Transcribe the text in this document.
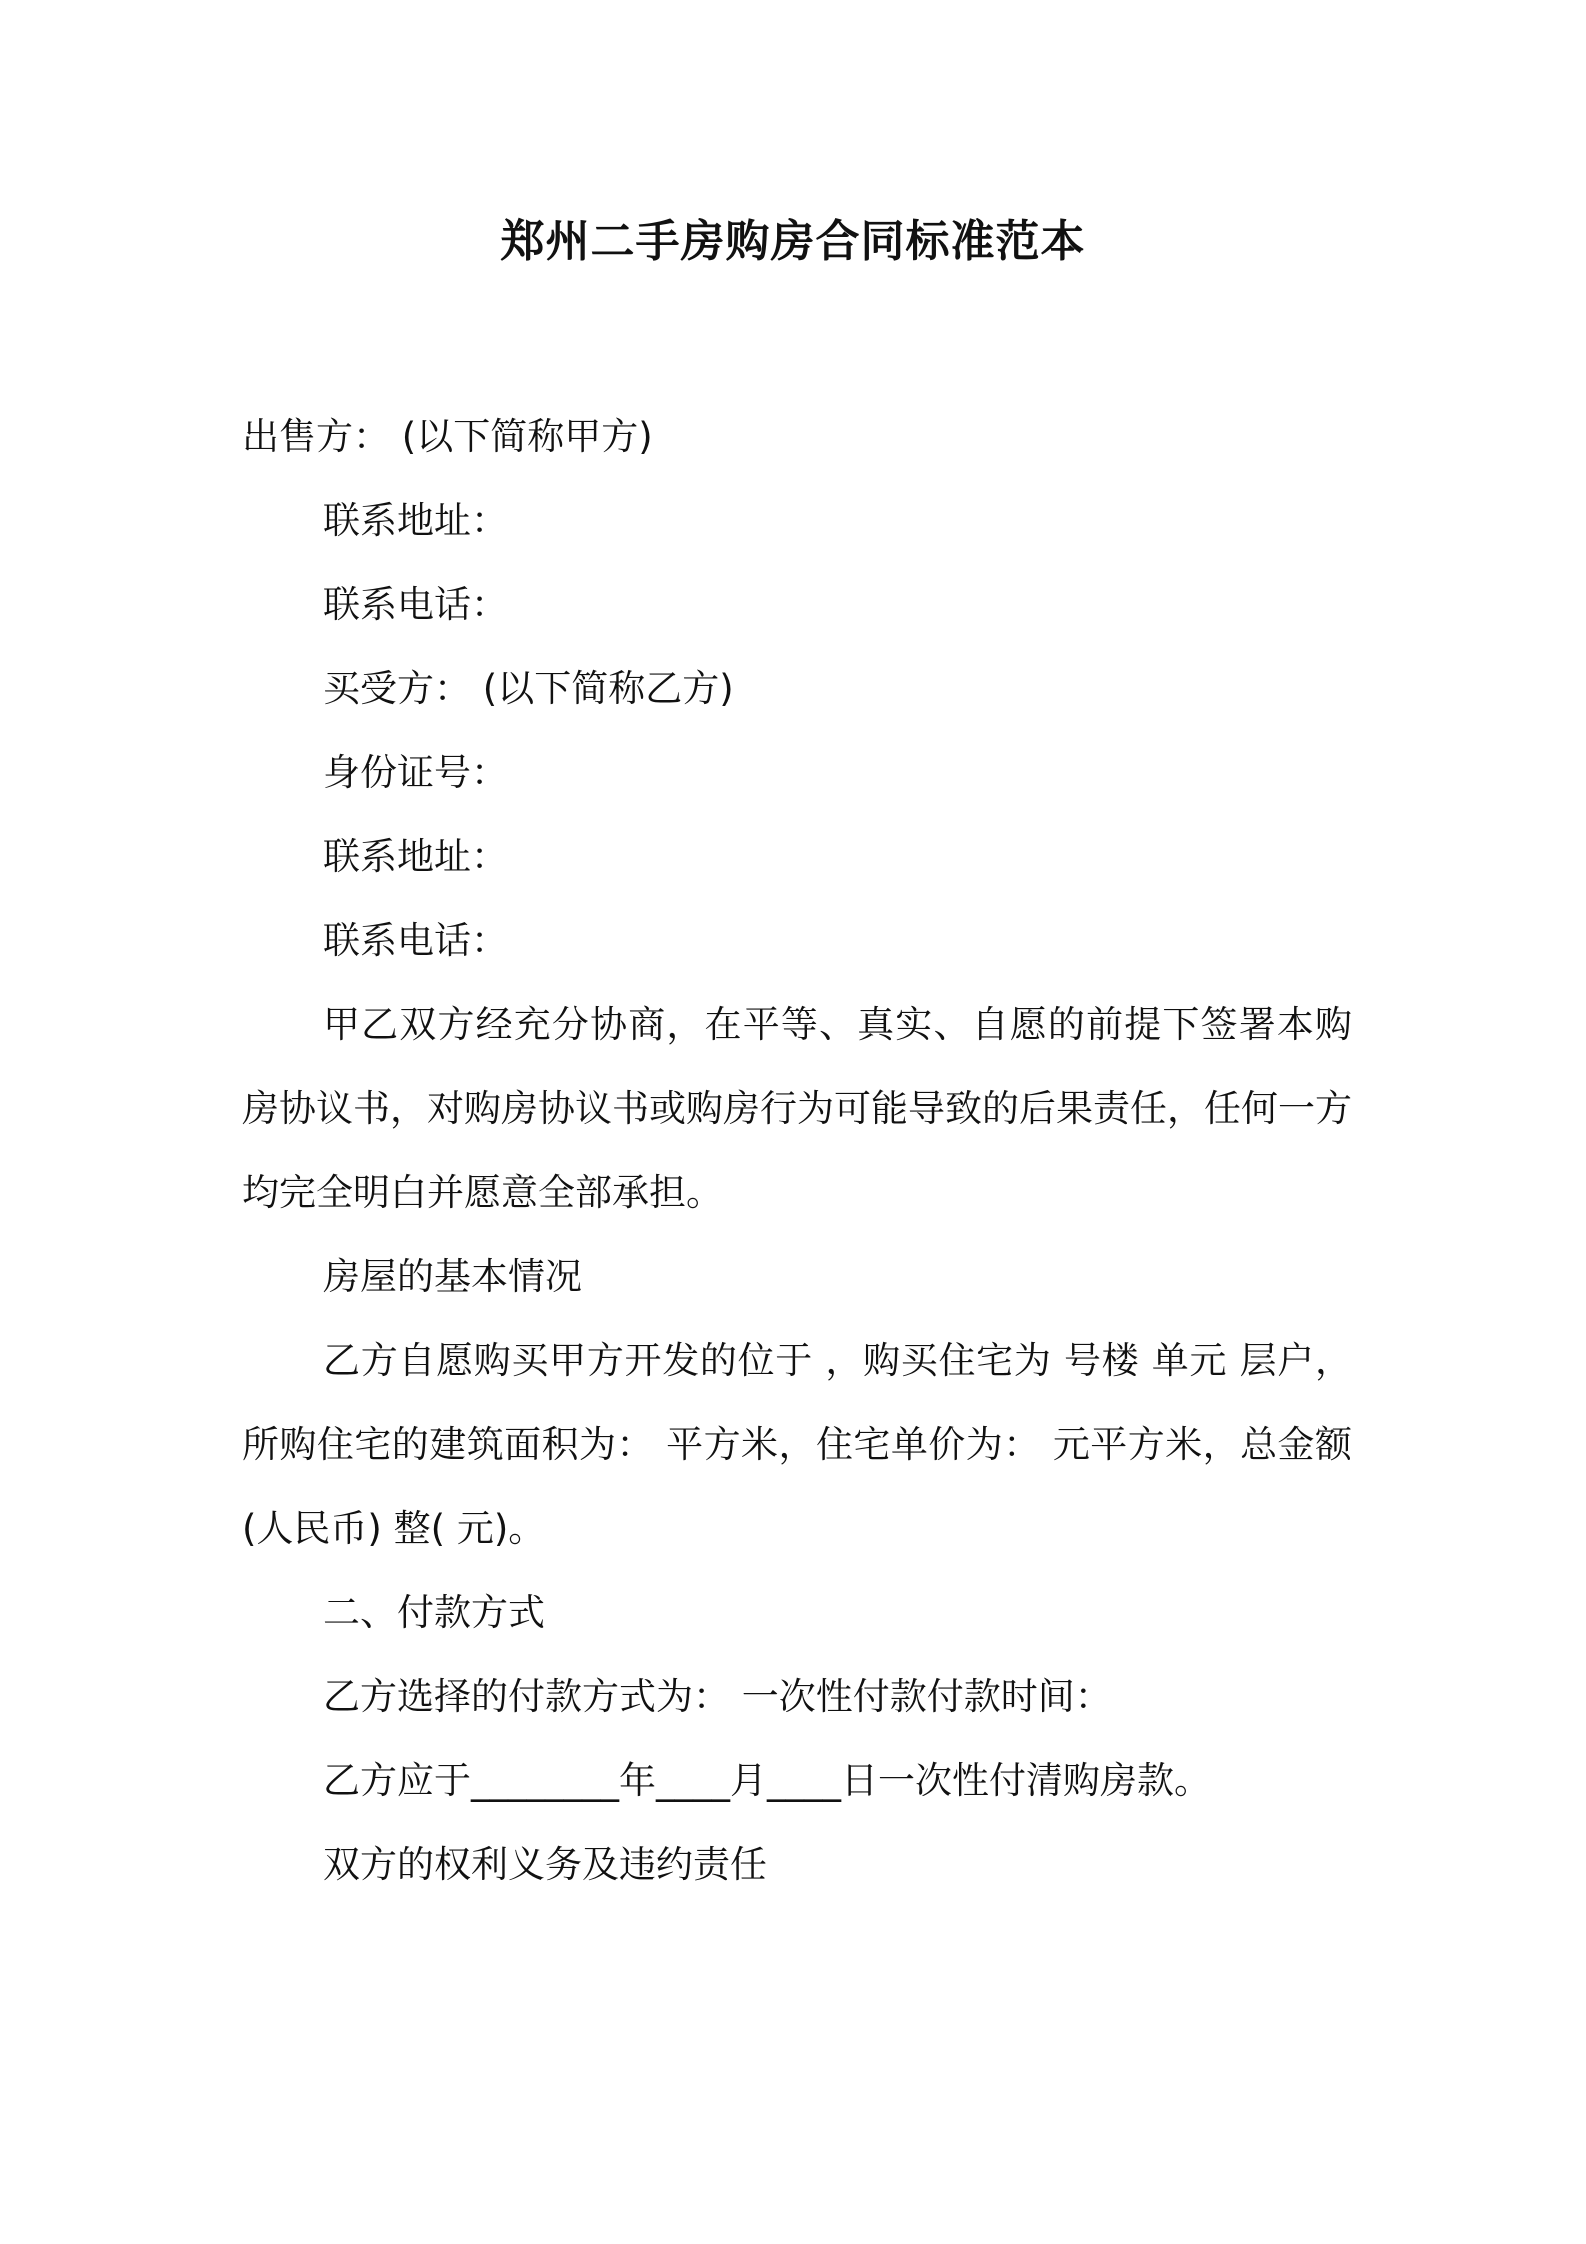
郑州二手房购房合同标准范本
出售方： (以下简称甲方)
联系地址：
联系电话：
买受方： (以下简称乙方)
身份证号：
联系地址：
联系电话：
甲乙双方经充分协商，在平等、真实、自愿的前提下签署本购房协议书，对购房协议书或购房行为可能导致的后果责任，任何一方均完全明白并愿意全部承担。
房屋的基本情况
乙方自愿购买甲方开发的位于 ，购买住宅为 号楼 单元 层户，所购住宅的建筑面积为： 平方米，住宅单价为： 元平方米，总金额(人民币) 整( 元)。
二、付款方式
乙方选择的付款方式为： 一次性付款付款时间：
乙方应于________年____月____日一次性付清购房款。
双方的权利义务及违约责任
